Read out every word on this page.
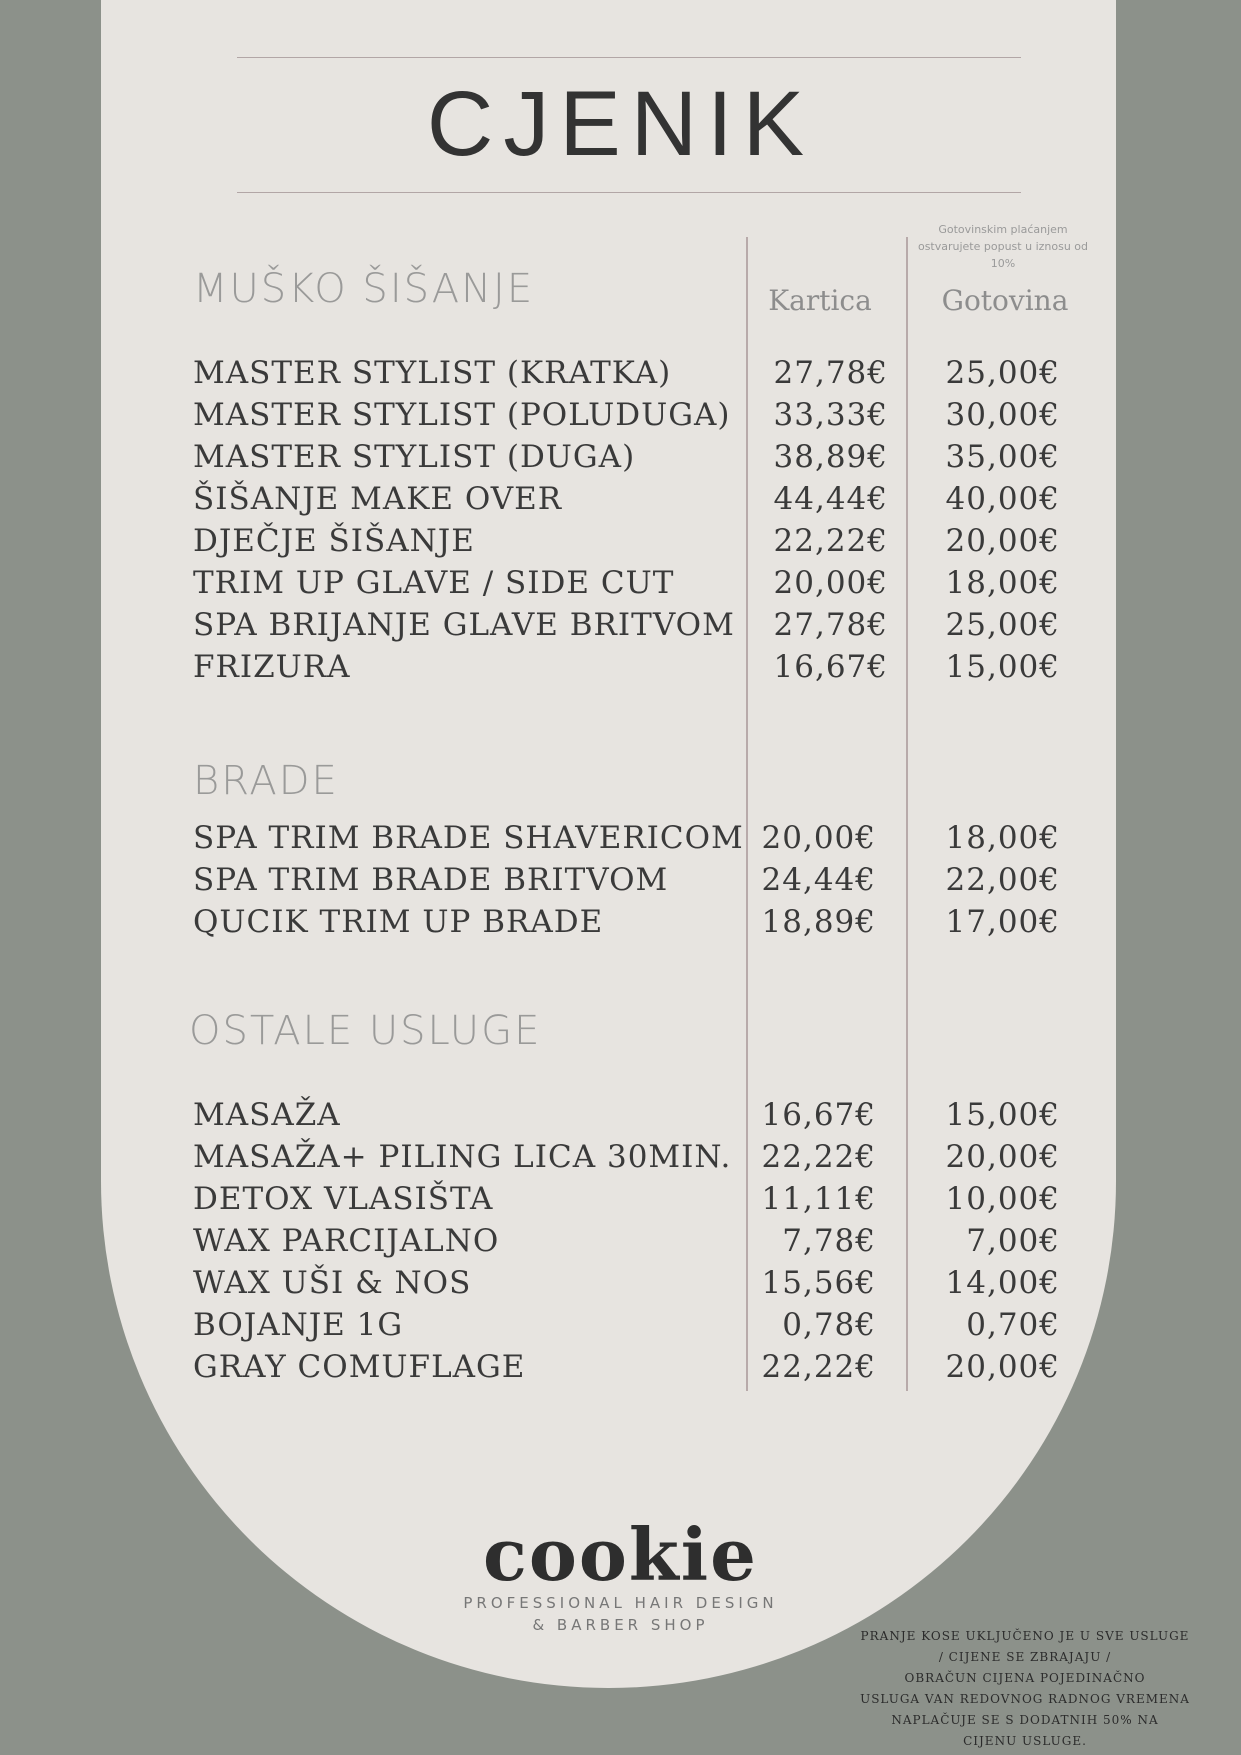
CJENIK
Gotovinskim plaćanjem
ostvarujete popust u iznosu od
10%
Kartica	Gotovina
MUŠKO ŠIŠANJE
MASTER STYLIST (KRATKA)	27,78€ 25,00€
MASTER STYLIST (POLUDUGA) 33,33€ 30,00€
MASTER STYLIST (DUGA)	38,89€ 35,00€
ŠIŠANJE MAKE OVER	44,44€ 40,00€
DJEČJE ŠIŠANJE	22,22€ 20,00€
TRIM UP GLAVE / SIDE CUT	20,00€ 18,00€
SPA BRIJANJE GLAVE BRITVOM 27,78€ 25,00€
FRIZURA	16,67€ 15,00€
BRADE
SPA TRIM BRADE SHAVERICOM 20,00€ 18,00€
SPA TRIM BRADE BRITVOM	24,44€ 22,00€
QUCIK TRIM UP BRADE	18,89€ 17,00€
OSTALE USLUGE
MASAŽA	16,67€ 15,00€
MASAŽA+ PILING LICA 30MIN. 22,22€ 20,00€
DETOX VLASIŠTA	11,11€ 10,00€
WAX PARCIJALNO	7,78€	7,00€
WAX UŠI & NOS	15,56€ 14,00€
BOJANJE 1G	0,78€	0,70€
GRAY COMUFLAGE	22,22€ 20,00€
cookie
PROFESSIONAL HAIR DESIGN
& BARBER SHOP
PRANJE KOSE UKLJUČENO JE U SVE USLUGE
/ CIJENE SE ZBRAJAJU /
OBRAČUN CIJENA POJEDINAČNO
USLUGA VAN REDOVNOG RADNOG VREMENA
NAPLAČUJE SE S DODATNIH 50% NA
CIJENU USLUGE.
